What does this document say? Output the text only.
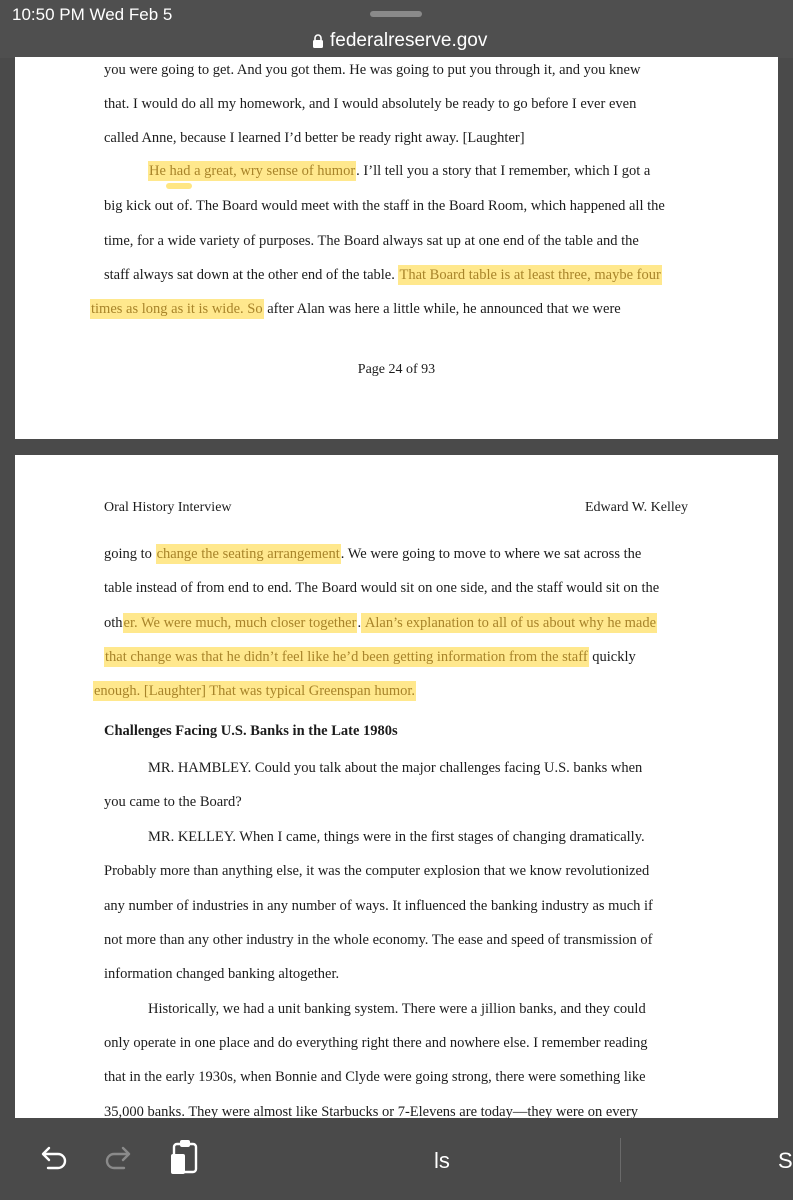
10:50 PM Wed Feb 5
federalreserve.gov

you were going to get. And you got them. He was going to put you through it, and you knew

that. I would do all my homework, and I would absolutely be ready to go before I ever even

called Anne, because I learned I’d better be ready right away. [Laughter]

He had a great, wry sense of humor. I’ll tell you a story that I remember, which I got a

big kick out of. The Board would meet with the staff in the Board Room, which happened all the

time, for a wide variety of purposes. The Board always sat up at one end of the table and the

staff always sat down at the other end of the table. That Board table is at least three, maybe four

times as long as it is wide. So after Alan was here a little while, he announced that we were

Page 24 of 93
Oral History Interview	Edward W. Kelley

going to change the seating arrangement. We were going to move to where we sat across the

table instead of from end to end. The Board would sit on one side, and the staff would sit on the

other. We were much, much closer together. Alan’s explanation to all of us about why he made

that change was that he didn’t feel like he’d been getting information from the staff quickly

enough. [Laughter] That was typical Greenspan humor.

Challenges Facing U.S. Banks in the Late 1980s

MR. HAMBLEY. Could you talk about the major challenges facing U.S. banks when

you came to the Board?

MR. KELLEY. When I came, things were in the first stages of changing dramatically.

Probably more than anything else, it was the computer explosion that we know revolutionized

any number of industries in any number of ways. It influenced the banking industry as much if

not more than any other industry in the whole economy. The ease and speed of transmission of

information changed banking altogether.

Historically, we had a unit banking system. There were a jillion banks, and they could

only operate in one place and do everything right there and nowhere else. I remember reading

that in the early 1930s, when Bonnie and Clyde were going strong, there were something like

35,000 banks. They were almost like Starbucks or 7-Elevens are today—they were on every

ls	S
